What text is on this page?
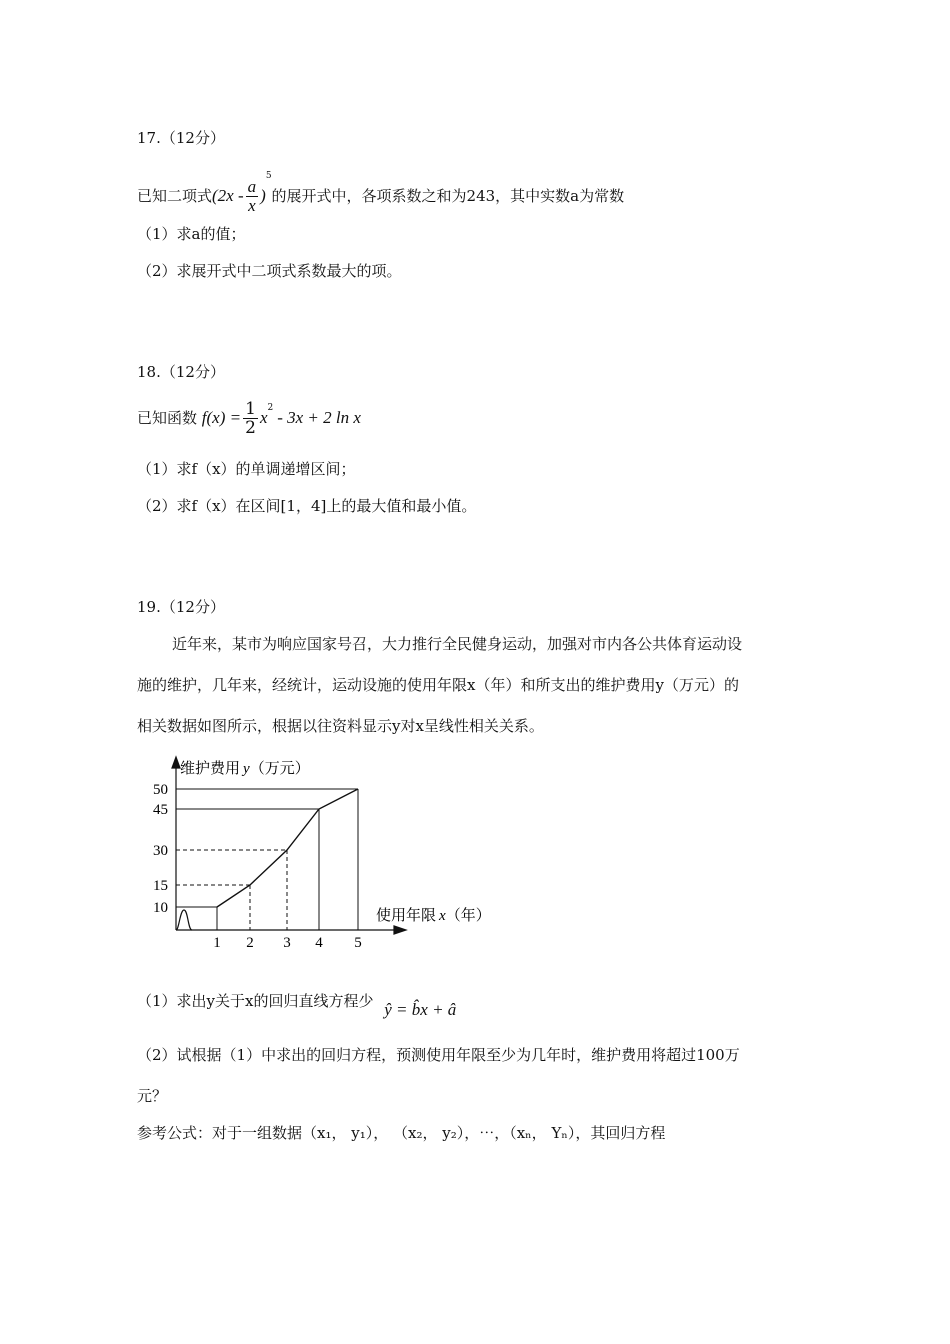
17.（12分）
已知二项式$(2x - \frac{a}{x} )^5$的展开式中，各项系数之和为243，其中实数a为常数
（1）求a的值；
（2）求展开式中二项式系数最大的项。
18.（12分）
已知函数 $f(x) = \frac{1}{2} x^2 - 3x + 2$ ln x
（1）求f（x）的单调递增区间；
（2）求f（x）在区间[1，4]上的最大值和最小值。
19.（12分）
近年来，某市为响应国家号召，大力推行全民健身运动，加强对市内各公共体育运动设
施的维护，几年来，经统计，运动设施的使用年限x（年）和所支出的维护费用y（万元）的
相关数据如图所示，根据以往资料显示y对x呈线性相关关系。
1 2 3 4 5
10
15
30
45
50
维护费用 y（万元）
使用年限 x（年）
（1）求出y关于x的回归直线方程少 ŷ = b̂x + â
（2）试根据（1）中求出的回归方程，预测使用年限至少为几年时，维护费用将超过100万
元？
参考公式：对于一组数据（x₁， y₁）， （x₂， y₂），⋯，（xₙ， Yₙ），其回归方程
